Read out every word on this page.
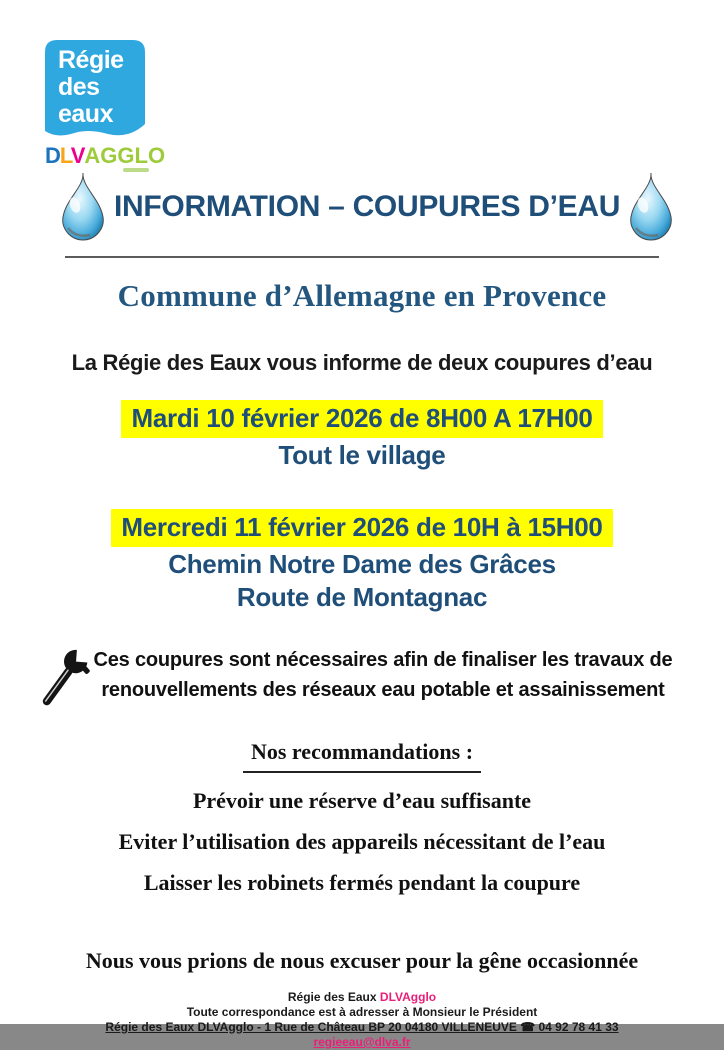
Régie
des
eaux
DLVAGGLO
INFORMATION – COUPURES D’EAU
Commune d’Allemagne en Provence
La Régie des Eaux vous informe de deux coupures d’eau
Mardi 10 février 2026 de 8H00 A 17H00
Tout le village
Mercredi 11 février 2026 de 10H à 15H00
Chemin Notre Dame des Grâces
Route de Montagnac
Ces coupures sont nécessaires afin de finaliser les travaux de
renouvellements des réseaux eau potable et assainissement
Nos recommandations :
Prévoir une réserve d’eau suffisante
Eviter l’utilisation des appareils nécessitant de l’eau
Laisser les robinets fermés pendant la coupure
Nous vous prions de nous excuser pour la gêne occasionnée
Régie des Eaux DLVAgglo
Toute correspondance est à adresser à Monsieur le Président
Régie des Eaux DLVAgglo - 1 Rue de Château BP 20 04180 VILLENEUVE ☎ 04 92 78 41 33
regieeau@dlva.fr
